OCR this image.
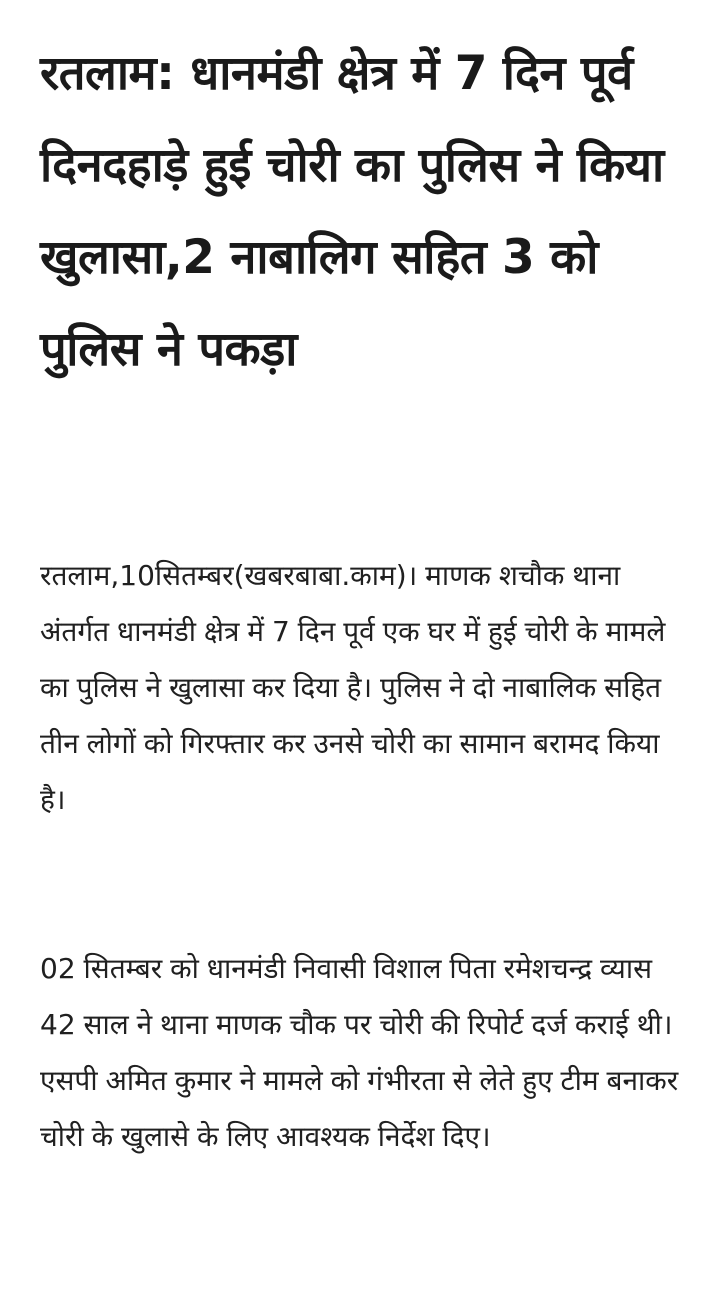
रतलाम: धानमंडी क्षेत्र में 7 दिन पूर्व दिनदहाड़े हुई चोरी का पुलिस ने किया खुलासा,2 नाबालिग सहित 3 को पुलिस ने पकड़ा

रतलाम,10सितम्बर(खबरबाबा.काम)। माणक शचौक थाना अंतर्गत धानमंडी क्षेत्र में 7 दिन पूर्व एक घर में हुई चोरी के मामले का पुलिस ने खुलासा कर दिया है। पुलिस ने दो नाबालिक सहित तीन लोगों को गिरफ्तार कर उनसे चोरी का सामान बरामद किया है।

02 सितम्बर को धानमंडी निवासी विशाल पिता रमेशचन्द्र व्यास 42 साल ने थाना माणक चौक पर चोरी की रिपोर्ट दर्ज कराई थी। एसपी अमित कुमार ने मामले को गंभीरता से लेते हुए टीम बनाकर चोरी के खुलासे के लिए आवश्यक निर्देश दिए।
